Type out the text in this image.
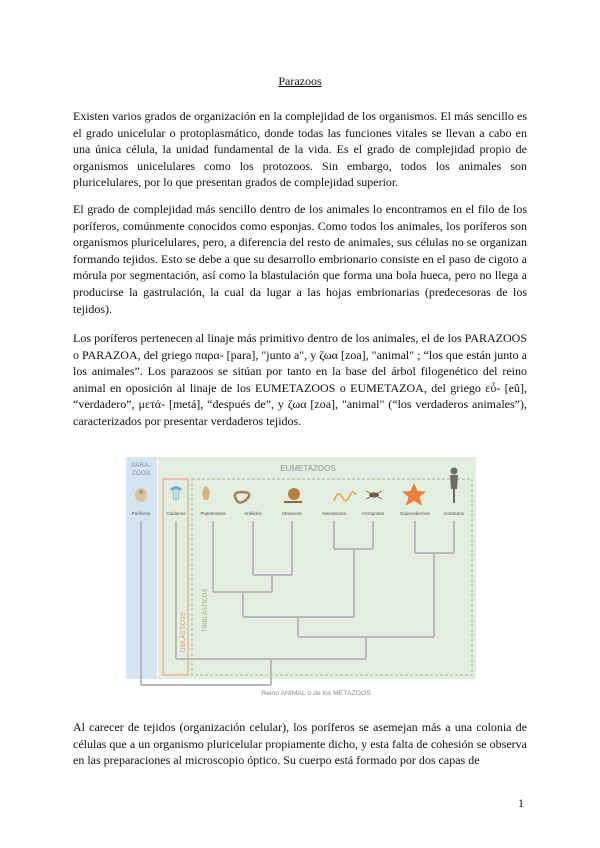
Parazoos

Existen varios grados de organización en la complejidad de los organismos. El más sencillo es el grado unicelular o protoplasmático, donde todas las funciones vitales se llevan a cabo en una única célula, la unidad fundamental de la vida. Es el grado de complejidad propio de organismos unicelulares como los protozoos. Sin embargo, todos los animales son pluricelulares, por lo que presentan grados de complejidad superior.

El grado de complejidad más sencillo dentro de los animales lo encontramos en el filo de los poríferos, comúnmente conocidos como esponjas. Como todos los animales, los poríferos son organismos pluricelulares, pero, a diferencia del resto de animales, sus células no se organizan formando tejidos. Esto se debe a que su desarrollo embrionario consiste en el paso de cigoto a mórula por segmentación, así como la blastulación que forma una bola hueca, pero no llega a producirse la gastrulación, la cual da lugar a las hojas embrionarias (predecesoras de los tejidos).

Los poríferos pertenecen al linaje más primitivo dentro de los animales, el de los PARAZOOS o PARAZOA, del griego παρα- [para], "junto a", y ζωα [zoa], "animal" ; “los que están junto a los animales”. Los parazoos se sitúan por tanto en la base del árbol filogenético del reino animal en oposición al linaje de los EUMETAZOOS o EUMETAZOA, del griego εὖ- [eû], “verdadero”, μετά- [metá], “después de”, y ζωα [zoa], "animal" (“los verdaderos animales”), caracterizados por presentar verdaderos tejidos.

PARA-
ZOOS
EUMETAZOOS
DIBLÁSTICOS
TRIBLÁSTICOS
Poríferos	Cnidarios	Platelmintos	Anélidos	Moluscos	Nematodos	Artrópodos	Equinodermos	Cordados
Reino ANIMAL o de los METAZOOS

Al carecer de tejidos (organización celular), los poríferos se asemejan más a una colonia de células que a un organismo pluricelular propiamente dicho, y esta falta de cohesión se observa en las preparaciones al microscopio óptico. Su cuerpo está formado por dos capas de

1
